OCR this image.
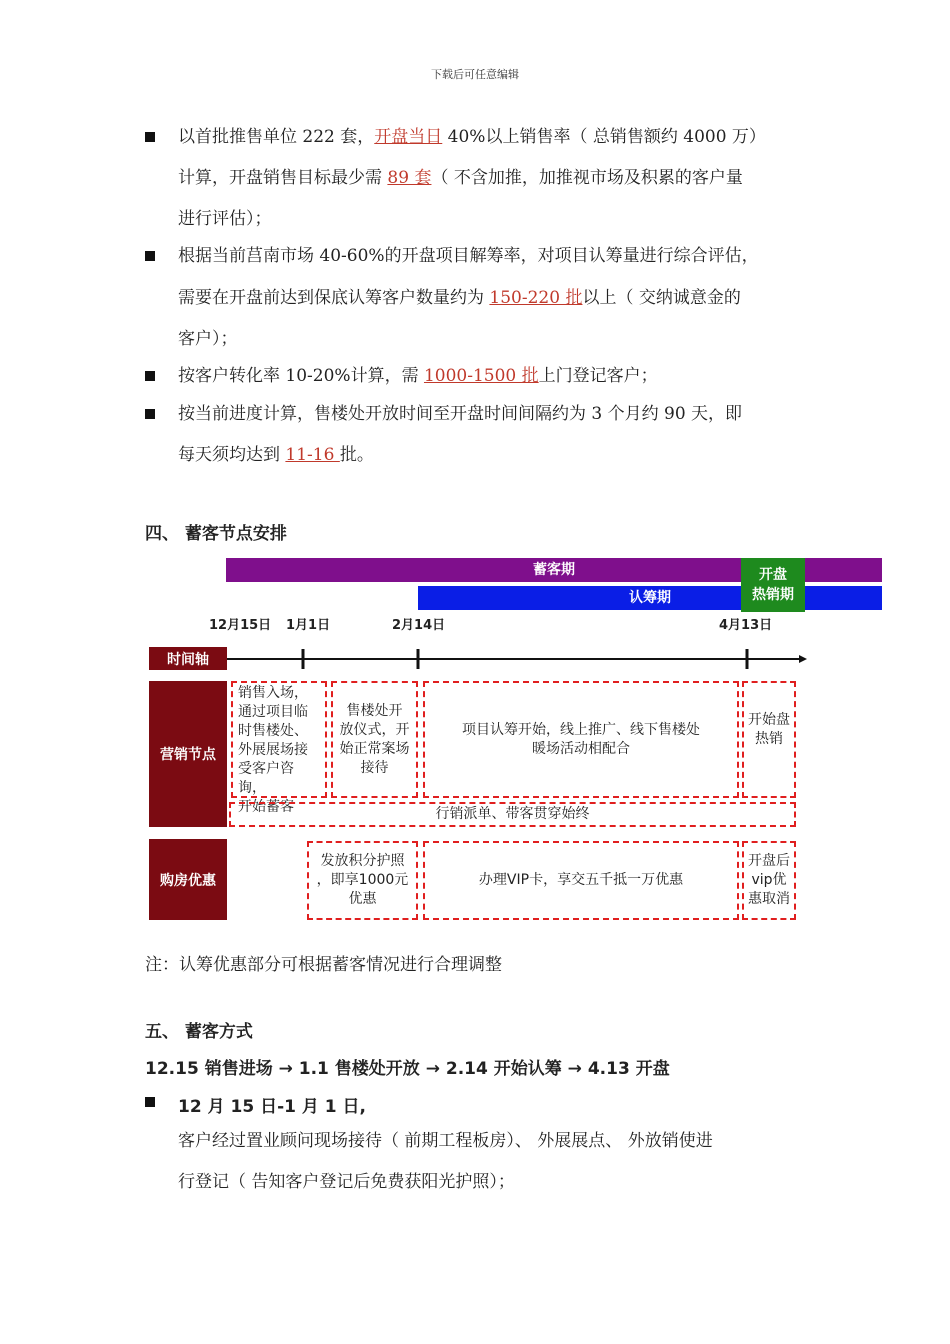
下载后可任意编辑
以首批推售单位 222 套，开盘当日 40%以上销售率（ 总销售额约 4000 万）
计算，开盘销售目标最少需 89 套（ 不含加推，加推视市场及积累的客户量
进行评估）；
根据当前莒南市场 40-60%的开盘项目解筹率，对项目认筹量进行综合评估，
需要在开盘前达到保底认筹客户数量约为 150-220 批以上（ 交纳诚意金的
客户）；
按客户转化率 10-20%计算，需 1000-1500 批上门登记客户；
按当前进度计算，售楼处开放时间至开盘时间间隔约为 3 个月约 90 天，即
每天须均达到 11-16 批。
四、 蓄客节点安排
蓄客期
认筹期
开盘
热销期
12月15日 1月1日	2月14日	4月13日
时间轴
营销节点
销售入场，
通过项目临
时售楼处、
外展展场接
受客户咨询，
开始蓄客
售楼处开
放仪式，开
始正常案场
接待
项目认筹开始，线上推广、线下售楼处
暖场活动相配合
开始盘
热销
行销派单、带客贯穿始终
购房优惠
发放积分护照
，即享1000元
优惠
办理VIP卡，享交五千抵一万优惠
开盘后
vip优
惠取消
注：认筹优惠部分可根据蓄客情况进行合理调整
五、 蓄客方式
12.15 销售进场 → 1.1 售楼处开放 → 2.14 开始认筹 → 4.13 开盘
12 月 15 日-1 月 1 日,
客户经过置业顾问现场接待（ 前期工程板房）、 外展展点、 外放销使进
行登记（ 告知客户登记后免费获阳光护照）；
